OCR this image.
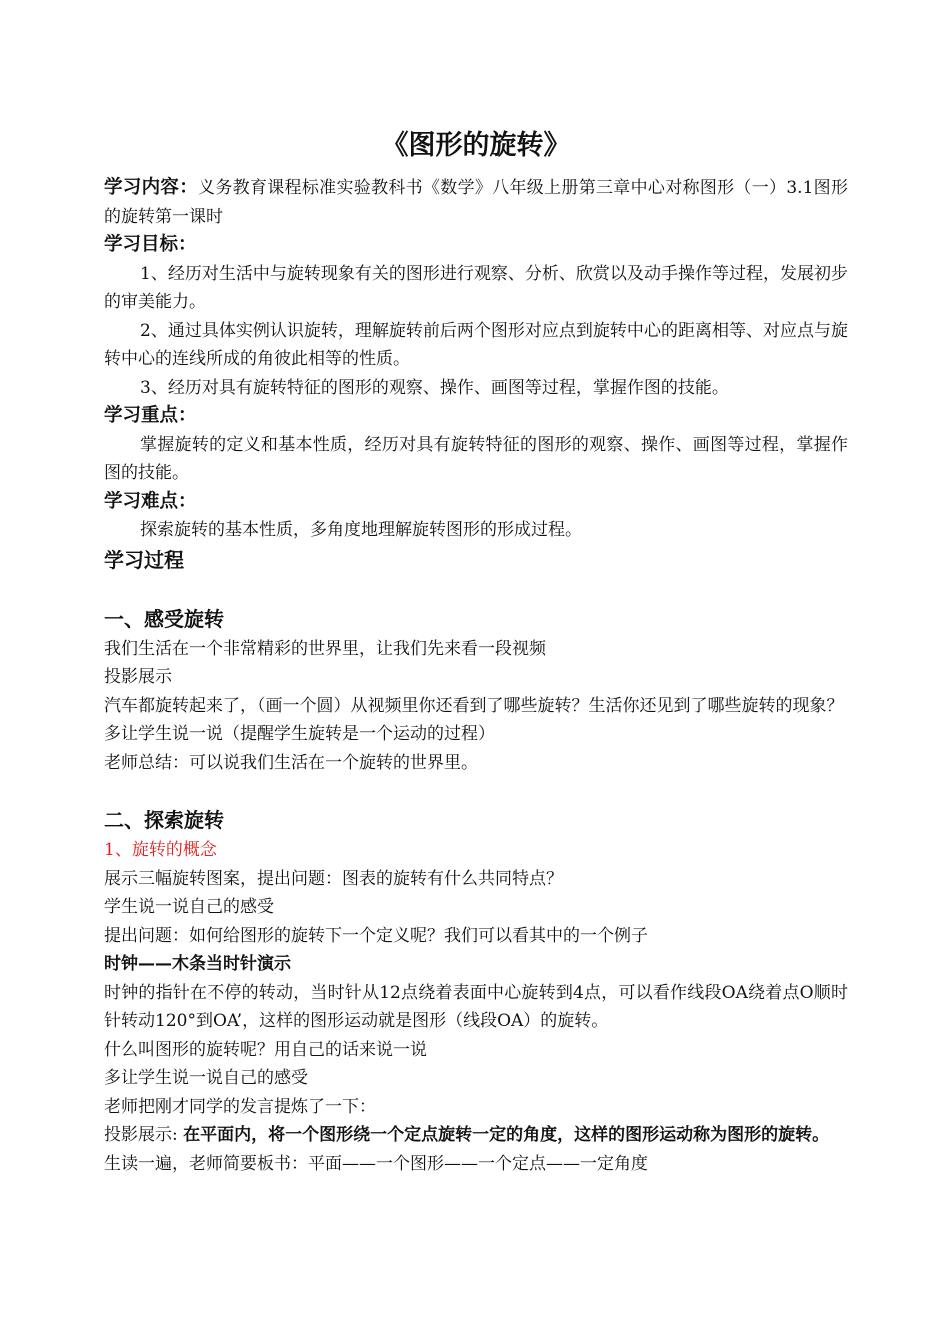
《图形的旋转》

学习内容：义务教育课程标准实验教科书《数学》八年级上册第三章中心对称图形（一）3.1图形的旋转第一课时

学习目标：

1、经历对生活中与旋转现象有关的图形进行观察、分析、欣赏以及动手操作等过程，发展初步的审美能力。

2、通过具体实例认识旋转，理解旋转前后两个图形对应点到旋转中心的距离相等、对应点与旋转中心的连线所成的角彼此相等的性质。

3、经历对具有旋转特征的图形的观察、操作、画图等过程，掌握作图的技能。

学习重点：

掌握旋转的定义和基本性质，经历对具有旋转特征的图形的观察、操作、画图等过程，掌握作图的技能。

学习难点：

探索旋转的基本性质，多角度地理解旋转图形的形成过程。

学习过程

一、感受旋转

我们生活在一个非常精彩的世界里，让我们先来看一段视频

投影展示

汽车都旋转起来了，（画一个圆）从视频里你还看到了哪些旋转？生活你还见到了哪些旋转的现象？

多让学生说一说（提醒学生旋转是一个运动的过程）

老师总结：可以说我们生活在一个旋转的世界里。

二、探索旋转

1、旋转的概念

展示三幅旋转图案，提出问题：图表的旋转有什么共同特点？

学生说一说自己的感受

提出问题：如何给图形的旋转下一个定义呢？我们可以看其中的一个例子

时钟——木条当时针演示

时钟的指针在不停的转动，当时针从12点绕着表面中心旋转到4点，可以看作线段OA绕着点O顺时针转动120°到OA’，这样的图形运动就是图形（线段OA）的旋转。

什么叫图形的旋转呢？用自己的话来说一说

多让学生说一说自己的感受

老师把刚才同学的发言提炼了一下：

投影展示: 在平面内，将一个图形绕一个定点旋转一定的角度，这样的图形运动称为图形的旋转。

生读一遍，老师简要板书：平面——一个图形——一个定点——一定角度
